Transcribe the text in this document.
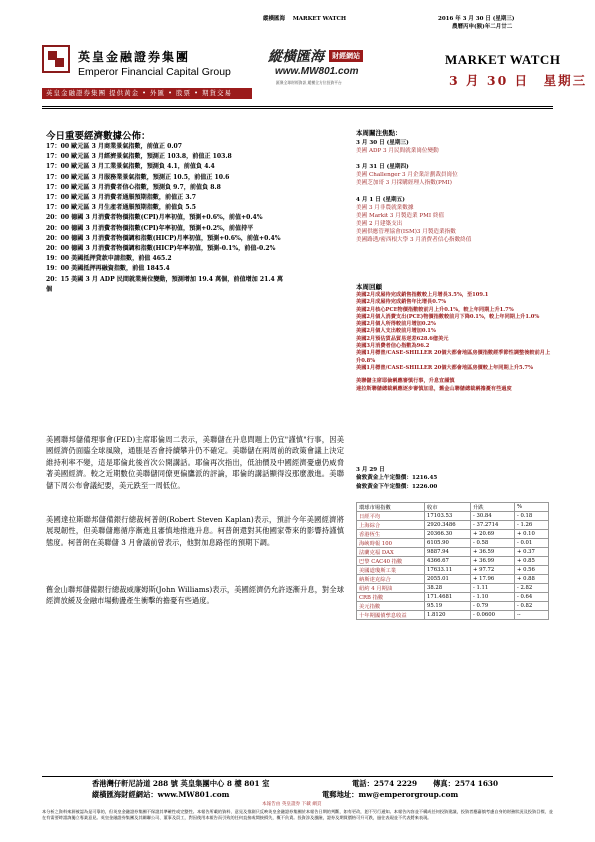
縱橫匯海 MARKET WATCH	2016 年 3 月 30 日 (星期三)
農曆丙申(猴)年二月廿二
英皇金融證券集團
Emperor Financial Capital Group
英皇金融證券集團 提供黃金 • 外匯 • 股票 • 期貨交易
縱橫匯海 財經網站
www.MW801.com
匯聚全球財經資訊 縱橫全方位投資平台
MARKET WATCH
3 月 30 日　星期三
今日重要經濟數據公佈：
17：00 歐元區 3 月商業景氣指數，前值正 0.07
17：00 歐元區 3 月經濟景氣指數，預測正 103.8，前值正 103.8
17：00 歐元區 3 月工業景氣指數，預測負 4.1，前值負 4.4
17：00 歐元區 3 月服務業景氣指數，預測正 10.5，前值正 10.6
17：00 歐元區 3 月消費者信心指數，預測負 9.7，前值負 8.8
17：00 歐元區 3 月消費者通脹預期指數，前值正 3.7
17：00 歐元區 3 月生產者通脹預期指數，前值負 5.5
20：00 德國 3 月消費者物價指數(CPI)月率初值，預測+0.6%，前值+0.4%
20：00 德國 3 月消費者物價指數(CPI)年率初值，預測+0.2%，前值持平
20：00 德國 3 月消費者物價調和指數(HICP)月率初值，預測+0.6%，前值+0.4%
20：00 德國 3 月消費者物價調和指數(HICP)年率初值，預測-0.1%，前值-0.2%
19：00 美國抵押貸款申請指數，前值 465.2
19：00 美國抵押再融資指數，前值 1845.4
20：15 美國 3 月 ADP 民間就業崗位變動，預測增加 19.4 萬個，前值增加 21.4 萬
個
美國聯邦儲備理事會(FED)主席耶倫周二表示，美聯儲在升息問題上仍宜"謹慎"行事，因美國經濟仍面臨全球風險，通脹是否會持續攀升仍不確定。美聯儲在兩周前的政策會議上決定維持利率不變，這是耶倫此後首次公開講話。耶倫再次指出，低油價及中國經濟憂慮仍威脅著美國經濟。較之近期數位美聯儲同僚更偏鷹派的評論，耶倫的講話顯得沒那麼激進。美聯儲下周公布會議紀要，美元跌至一周低位。
美國達拉斯聯邦儲備銀行總裁柯普朗(Robert Steven Kaplan)表示，預計今年美國經濟將展現韌性，但美聯儲應循序漸進且審慎地推進升息。柯普朗還對其他國家帶來的影響持謹慎態度。柯普朗在美聯儲 3 月會議前曾表示，他對加息路徑的預期下調。
舊金山聯邦儲備銀行總裁威廉姆斯(John Williams)表示，美國經濟仍允許逐漸升息，對全球經濟放緩及金融市場動盪產生衝擊的擔憂有些過度。
本周關注焦點：
3 月 30 日 (星期三)
美國 ADP 3 月民間就業崗位變動
3 月 31 日 (星期四)
美國 Challenger 3 月企業計劃裁員崗位
美國芝加哥 3 月採購經理人指數(PMI)
4 月 1 日 (星期五)
美國 3 月非農就業數據
美國 Markit 3 月製造業 PMI 終值
美國 2 月建築支出
美國供應管理協會(ISM)3 月製造業指數
美國路透/密西根大學 3 月消費者信心指數終值
本周回顧
美國2月成屋待完成銷售指數較上月增長3.5%，至109.1
美國2月成屋待完成銷售年比增長0.7%
美國2月核心PCE物價指數較前月上升0.1%，較上年同期上升1.7%
美國2月個人消費支出(PCE)物價指數較前月下降0.1%，較上年同期上升1.0%
美國2月個人所得較前月增加0.2%
美國2月個人支出較前月增加0.1%
美國2月預估貨品貿易逆差628.6億美元
美國3月消費者信心指數為96.2
美國1月標普/CASE-SHILLER 20個大都會地區房價指數經季節性調整後較前月上升0.8%
美國1月標普/CASE-SHILLER 20個大都會地區房價較上年同期上升5.7%
美聯儲主席耶倫稱應審慎行事，升息宜謹慎
達拉斯聯儲總裁稱應逐步審慎加息，舊金山聯儲總裁稱擔憂有些過度
3 月 29 日
倫敦黃金上午定盤價：1216.45
倫敦黃金下午定盤價：1226.00
環球市場指數	收市	升跌	%
日經平均	17103.53	- 30.84	- 0.18
上海綜合	2920.3486	- 37.2714	- 1.26
香港恆生	20366.30	+ 20.69	+ 0.10
海峽時報 100	6105.90	- 0.58	- 0.01
法蘭克福 DAX	9887.94	+ 36.59	+ 0.37
巴黎 CAC40 指數	4366.67	+ 36.99	+ 0.85
美國道瓊斯工業	17633.11	+ 97.72	+ 0.56
納斯達克綜合	2055.01	+ 17.96	+ 0.88
紐約 4 月期油	38.28	- 1.11	- 2.82
CRB 指數	171.4681	- 1.10	- 0.64
美元指數	95.19	- 0.79	- 0.82
十年期國債孳息收益	1.8120	- 0.0600	--
香港灣仔軒尼詩道 288 號 英皇集團中心 8 樓 801 室	電話：2574 2229 傳真：2574 1630
縱橫匯海財經網站：www.MW801.com	電郵地址：mw@emperorgroup.com
本報告由 英皇證券 下載 網頁
本分析之資料來源被認為是可靠的，但英皇金融證券集團不保證其準確性或完整性。本報告所載的資料、意見及推測只反映英皇金融證券集團於本報告日期的判斷，如有更改，恕不另行通知。本報告內容並不構成任何投資建議，投資者應審慎考慮自身的財務狀況及投資目標，並在有需要時諮詢獨立專業意見。英皇金融證券集團及其關聯公司、董事及員工，對因使用本報告而引致的任何直接或間接損失，概不負責。投資涉及風險，證券及期貨價格可升可跌，過往表現並不代表將來表現。
